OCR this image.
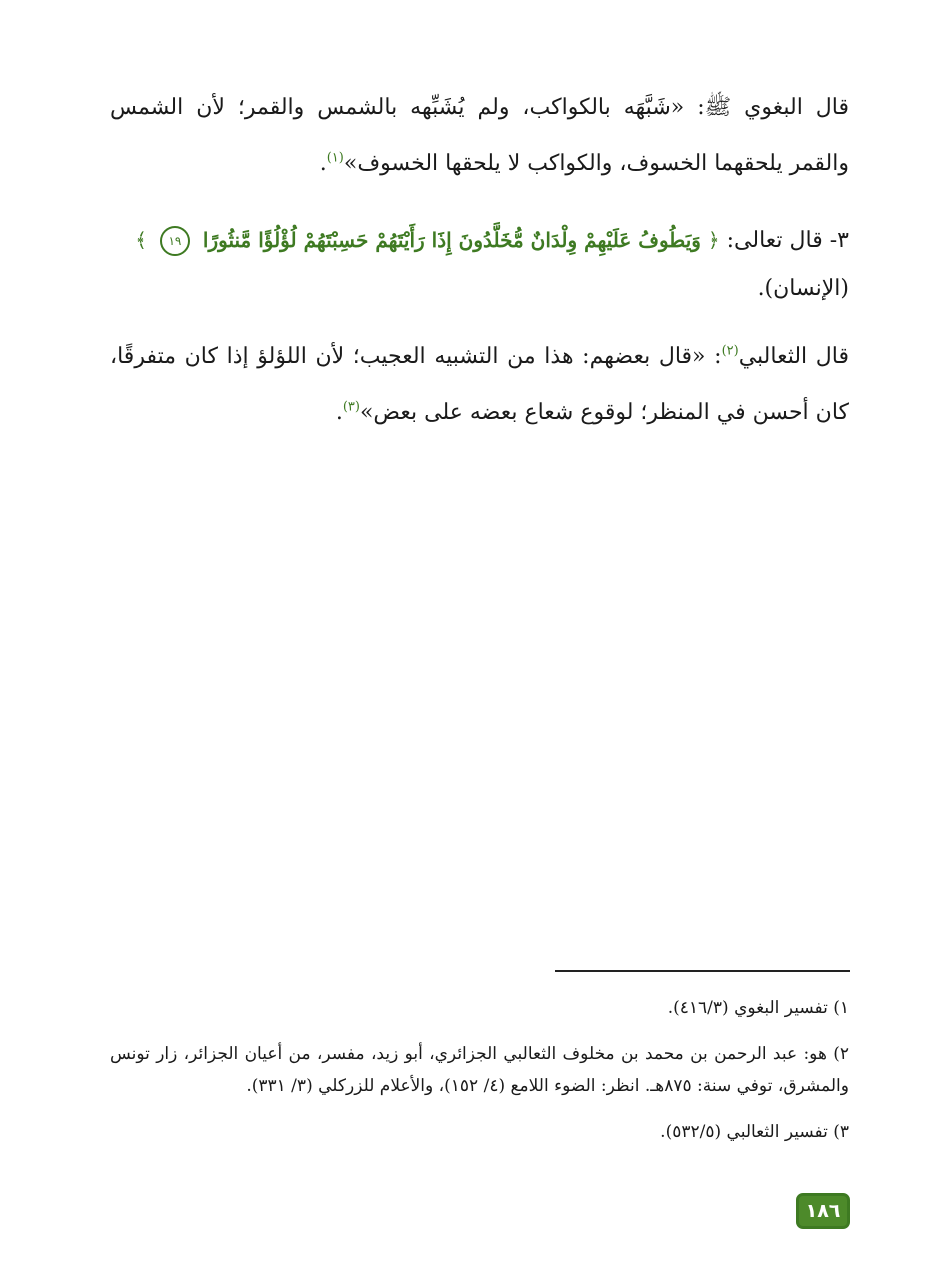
قال البغوي ﷺ: «شَبَّهَه بالكواكب، ولم يُشَبِّهه بالشمس والقمر؛ لأن الشمس والقمر يلحقهما الخسوف، والكواكب لا يلحقها الخسوف»$^{(١)}$.

٣- قال تعالى: ﴿ وَيَطُوفُ عَلَيْهِمْ وِلْدَانٌ مُّخَلَّدُونَ إِذَا رَأَيْتَهُمْ حَسِبْتَهُمْ لُؤْلُؤًا مَّنثُورًا ١٩ ﴾

(الإنسان).

قال الثعالبي$^{(٢)}$: «قال بعضهم: هذا من التشبيه العجيب؛ لأن اللؤلؤ إذا كان متفرقًا، كان أحسن في المنظر؛ لوقوع شعاع بعضه على بعض»$^{(٣)}$.

١) تفسير البغوي (٤١٦/٣).

٢) هو: عبد الرحمن بن محمد بن مخلوف الثعالبي الجزائري، أبو زيد، مفسر، من أعيان الجزائر، زار تونس والمشرق، توفي سنة: ٨٧٥هـ. انظر: الضوء اللامع (٤/ ١٥٢)، والأعلام للزركلي (٣/ ٣٣١).

٣) تفسير الثعالبي (٥٣٢/٥).

١٨٦
